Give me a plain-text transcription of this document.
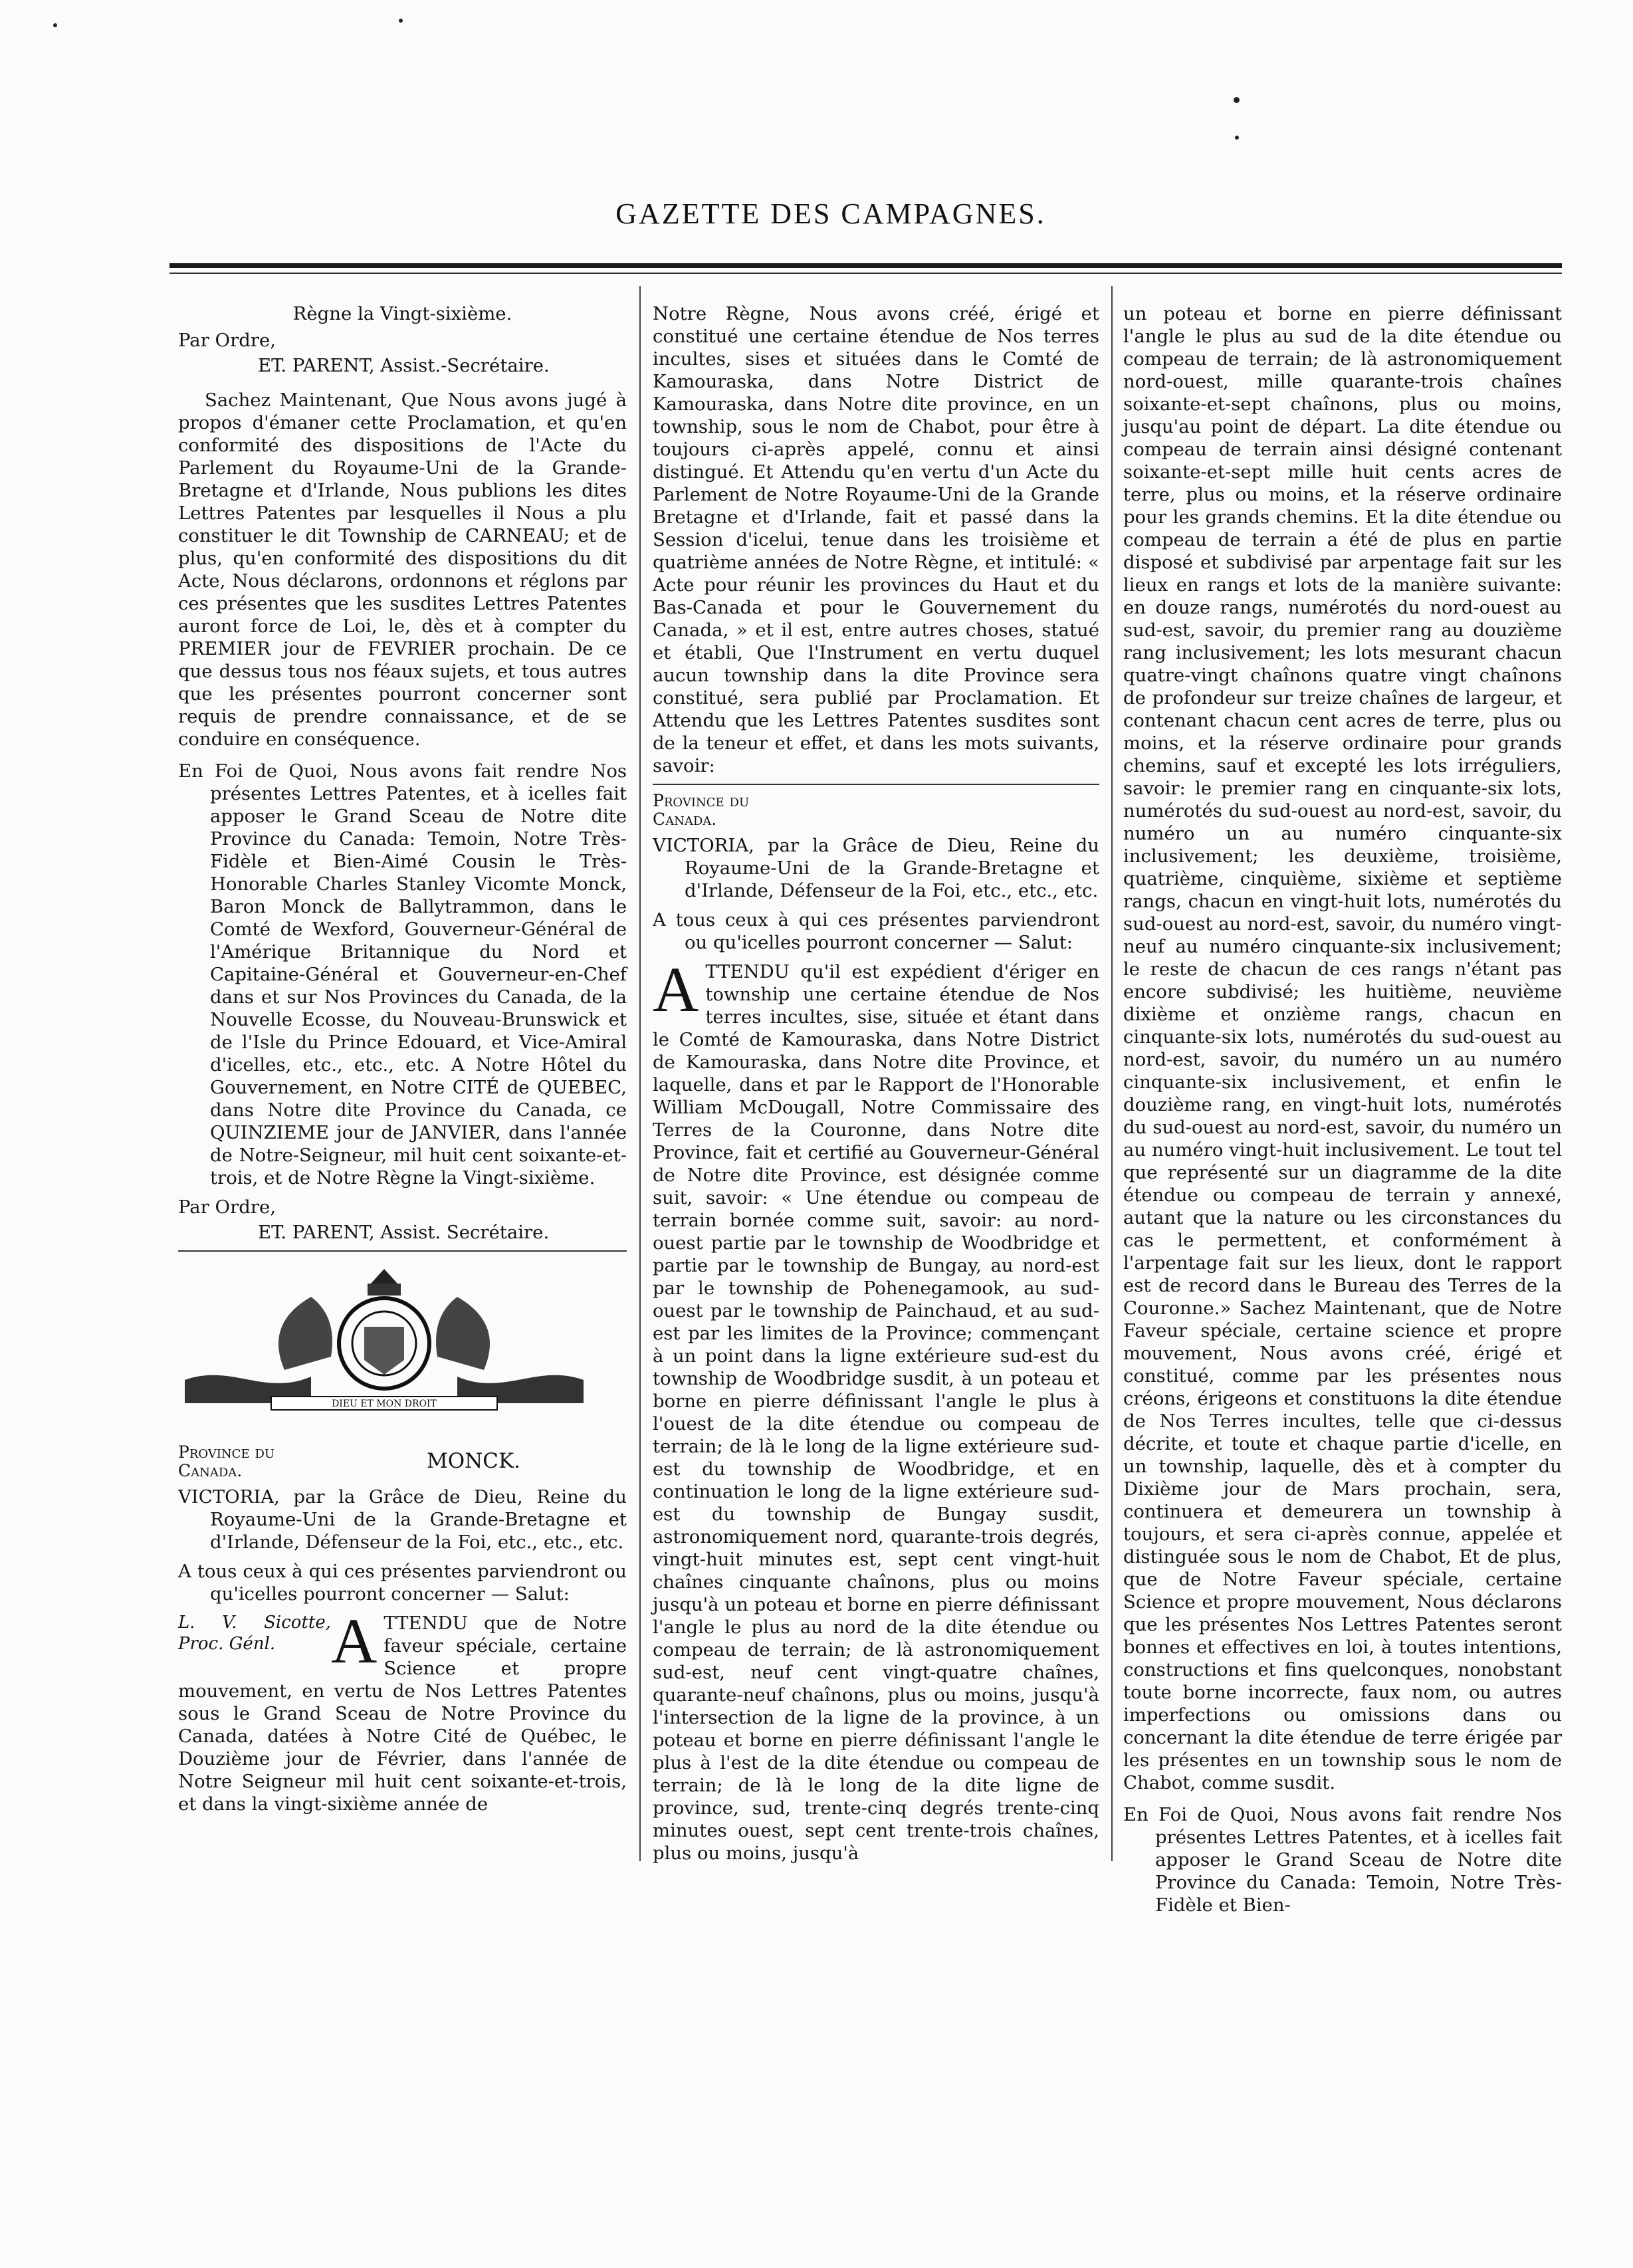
GAZETTE DES CAMPAGNES.
Règne la Vingt-sixième.
Par Ordre,
ET. PARENT, Assist.-Secrétaire.

Sachez Maintenant, Que Nous avons jugé à propos d'émaner cette Proclamation, et qu'en conformité des dispositions de l'Acte du Parlement du Royaume-Uni de la Grande-Bretagne et d'Irlande, Nous publions les dites Lettres Patentes par lesquelles il Nous a plu constituer le dit Township de CARNEAU; et de plus, qu'en conformité des dispositions du dit Acte, Nous déclarons, ordonnons et réglons par ces présentes que les susdites Lettres Patentes auront force de Loi, le, dès et à compter du PREMIER jour de FEVRIER prochain. De ce que dessus tous nos féaux sujets, et tous autres que les présentes pourront concerner sont requis de prendre connaissance, et de se conduire en conséquence.

En Foi de Quoi, Nous avons fait rendre Nos présentes Lettres Patentes, et à icelles fait apposer le Grand Sceau de Notre dite Province du Canada: Temoin, Notre Très-Fidèle et Bien-Aimé Cousin le Très-Honorable Charles Stanley Vicomte Monck, Baron Monck de Ballytrammon, dans le Comté de Wexford, Gouverneur-Général de l'Amérique Britannique du Nord et Capitaine-Général et Gouverneur-en-Chef dans et sur Nos Provinces du Canada, de la Nouvelle Ecosse, du Nouveau-Brunswick et de l'Isle du Prince Edouard, et Vice-Amiral d'icelles, etc., etc., etc. A Notre Hôtel du Gouvernement, en Notre CITÉ de QUEBEC, dans Notre dite Province du Canada, ce QUINZIEME jour de JANVIER, dans l'année de Notre-Seigneur, mil huit cent soixante-et-trois, et de Notre Règne la Vingt-sixième.
Par Ordre,
ET. PARENT, Assist. Secrétaire.
DIEU ET MON DROIT
Province du
Canada.	MONCK.
VICTORIA, par la Grâce de Dieu, Reine du Royaume-Uni de la Grande-Bretagne et d'Irlande, Défenseur de la Foi, etc., etc., etc.
A tous ceux à qui ces présentes parviendront ou qu'icelles pourront concerner — Salut:
L. V. Sicotte, Proc. Génl. A TTENDU que de Notre faveur spéciale, certaine Science et propre mouvement, en vertu de Nos Lettres Patentes sous le Grand Sceau de Notre Province du Canada, datées à Notre Cité de Québec, le Douzième jour de Février, dans l'année de Notre Seigneur mil huit cent soixante-et-trois, et dans la vingt-sixième année de
Notre Règne, Nous avons créé, érigé et constitué une certaine étendue de Nos terres incultes, sises et situées dans le Comté de Kamouraska, dans Notre District de Kamouraska, dans Notre dite province, en un township, sous le nom de Chabot, pour être à toujours ci-après appelé, connu et ainsi distingué. Et Attendu qu'en vertu d'un Acte du Parlement de Notre Royaume-Uni de la Grande Bretagne et d'Irlande, fait et passé dans la Session d'icelui, tenue dans les troisième et quatrième années de Notre Règne, et intitulé: « Acte pour réunir les provinces du Haut et du Bas-Canada et pour le Gouvernement du Canada, » et il est, entre autres choses, statué et établi, Que l'Instrument en vertu duquel aucun township dans la dite Province sera constitué, sera publié par Proclamation. Et Attendu que les Lettres Patentes susdites sont de la teneur et effet, et dans les mots suivants, savoir:
Province du
Canada.
VICTORIA, par la Grâce de Dieu, Reine du Royaume-Uni de la Grande-Bretagne et d'Irlande, Défenseur de la Foi, etc., etc., etc.
A tous ceux à qui ces présentes parviendront ou qu'icelles pourront concerner — Salut:
A TTENDU qu'il est expédient d'ériger en township une certaine étendue de Nos terres incultes, sise, située et étant dans le Comté de Kamouraska, dans Notre District de Kamouraska, dans Notre dite Province, et laquelle, dans et par le Rapport de l'Honorable William McDougall, Notre Commissaire des Terres de la Couronne, dans Notre dite Province, fait et certifié au Gouverneur-Général de Notre dite Province, est désignée comme suit, savoir: « Une étendue ou compeau de terrain bornée comme suit, savoir: au nord-ouest partie par le township de Woodbridge et partie par le township de Bungay, au nord-est par le township de Pohenegamook, au sud-ouest par le township de Painchaud, et au sud-est par les limites de la Province; commençant à un point dans la ligne extérieure sud-est du township de Woodbridge susdit, à un poteau et borne en pierre définissant l'angle le plus à l'ouest de la dite étendue ou compeau de terrain; de là le long de la ligne extérieure sud-est du township de Woodbridge, et en continuation le long de la ligne extérieure sud-est du township de Bungay susdit, astronomiquement nord, quarante-trois degrés, vingt-huit minutes est, sept cent vingt-huit chaînes cinquante chaînons, plus ou moins jusqu'à un poteau et borne en pierre définissant l'angle le plus au nord de la dite étendue ou compeau de terrain; de là astronomiquement sud-est, neuf cent vingt-quatre chaînes, quarante-neuf chaînons, plus ou moins, jusqu'à l'intersection de la ligne de la province, à un poteau et borne en pierre définissant l'angle le plus à l'est de la dite étendue ou compeau de terrain; de là le long de la dite ligne de province, sud, trente-cinq degrés trente-cinq minutes ouest, sept cent trente-trois chaînes, plus ou moins, jusqu'à
un poteau et borne en pierre définissant l'angle le plus au sud de la dite étendue ou compeau de terrain; de là astronomiquement nord-ouest, mille quarante-trois chaînes soixante-et-sept chaînons, plus ou moins, jusqu'au point de départ. La dite étendue ou compeau de terrain ainsi désigné contenant soixante-et-sept mille huit cents acres de terre, plus ou moins, et la réserve ordinaire pour les grands chemins. Et la dite étendue ou compeau de terrain a été de plus en partie disposé et subdivisé par arpentage fait sur les lieux en rangs et lots de la manière suivante: en douze rangs, numérotés du nord-ouest au sud-est, savoir, du premier rang au douzième rang inclusivement; les lots mesurant chacun quatre-vingt chaînons quatre vingt chaînons de profondeur sur treize chaînes de largeur, et contenant chacun cent acres de terre, plus ou moins, et la réserve ordinaire pour grands chemins, sauf et excepté les lots irréguliers, savoir: le premier rang en cinquante-six lots, numérotés du sud-ouest au nord-est, savoir, du numéro un au numéro cinquante-six inclusivement; les deuxième, troisième, quatrième, cinquième, sixième et septième rangs, chacun en vingt-huit lots, numérotés du sud-ouest au nord-est, savoir, du numéro vingt-neuf au numéro cinquante-six inclusivement; le reste de chacun de ces rangs n'étant pas encore subdivisé; les huitième, neuvième dixième et onzième rangs, chacun en cinquante-six lots, numérotés du sud-ouest au nord-est, savoir, du numéro un au numéro cinquante-six inclusivement, et enfin le douzième rang, en vingt-huit lots, numérotés du sud-ouest au nord-est, savoir, du numéro un au numéro vingt-huit inclusivement. Le tout tel que représenté sur un diagramme de la dite étendue ou compeau de terrain y annexé, autant que la nature ou les circonstances du cas le permettent, et conformément à l'arpentage fait sur les lieux, dont le rapport est de record dans le Bureau des Terres de la Couronne.» Sachez Maintenant, que de Notre Faveur spéciale, certaine science et propre mouvement, Nous avons créé, érigé et constitué, comme par les présentes nous créons, érigeons et constituons la dite étendue de Nos Terres incultes, telle que ci-dessus décrite, et toute et chaque partie d'icelle, en un township, laquelle, dès et à compter du Dixième jour de Mars prochain, sera, continuera et demeurera un township à toujours, et sera ci-après connue, appelée et distinguée sous le nom de Chabot, Et de plus, que de Notre Faveur spéciale, certaine Science et propre mouvement, Nous déclarons que les présentes Nos Lettres Patentes seront bonnes et effectives en loi, à toutes intentions, constructions et fins quelconques, nonobstant toute borne incorrecte, faux nom, ou autres imperfections ou omissions dans ou concernant la dite étendue de terre érigée par les présentes en un township sous le nom de Chabot, comme susdit.
En Foi de Quoi, Nous avons fait rendre Nos présentes Lettres Patentes, et à icelles fait apposer le Grand Sceau de Notre dite Province du Canada: Temoin, Notre Très-Fidèle et Bien-
